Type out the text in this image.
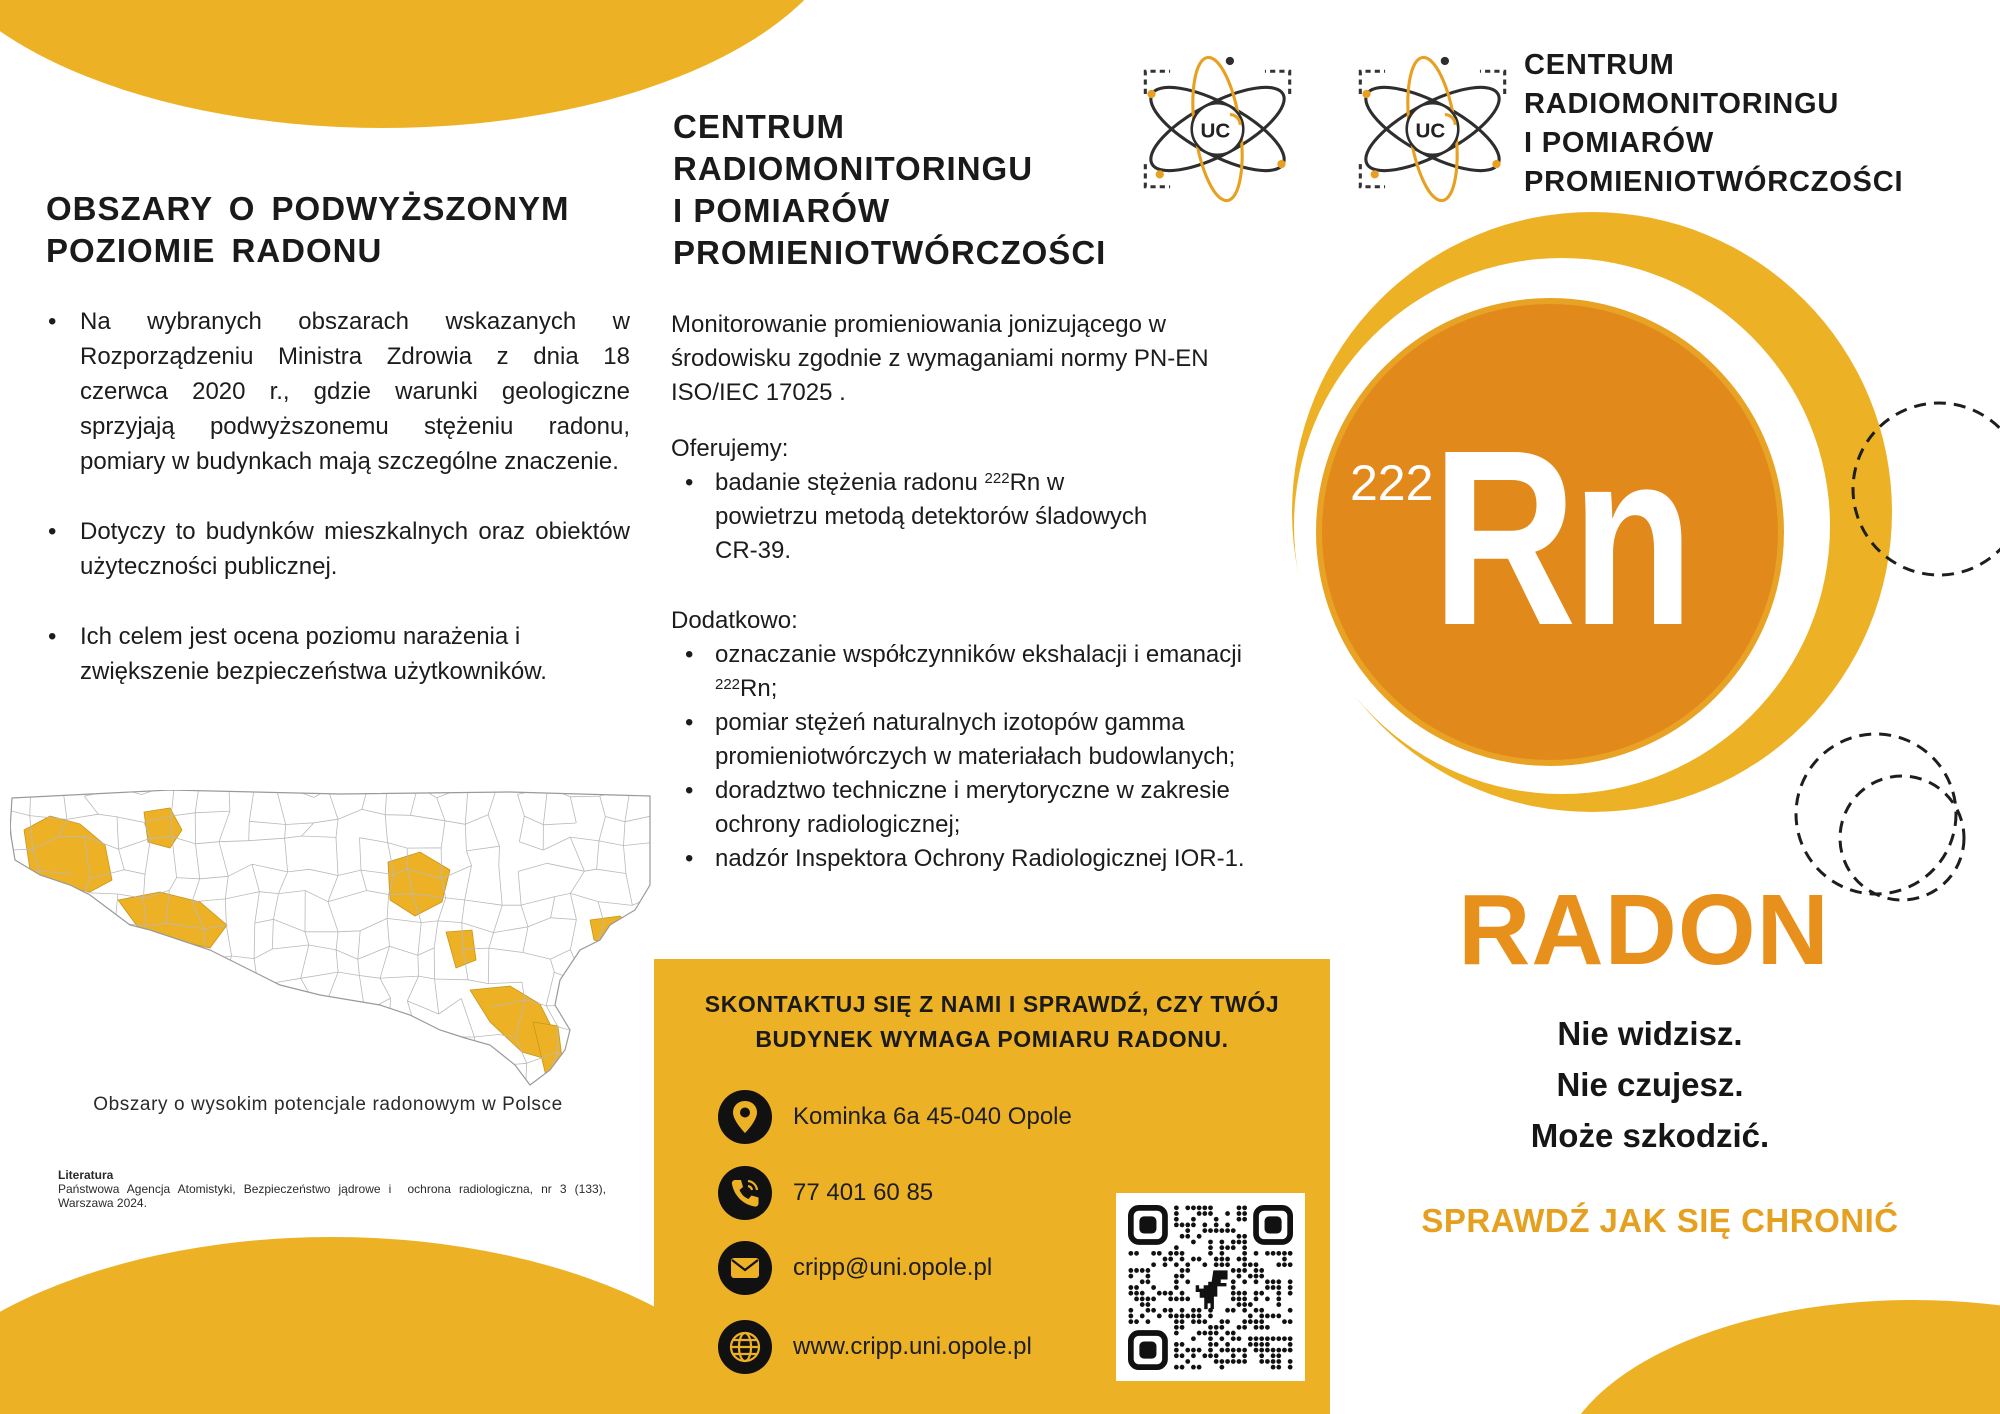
OBSZARY O PODWYŻSZONYM
POZIOMIE RADONU
• Na wybranych obszarach wskazanych w Rozporządzeniu Ministra Zdrowia z dnia 18 czerwca 2020 r., gdzie warunki geologiczne sprzyjają podwyższonemu stężeniu radonu, pomiary w budynkach mają szczególne znaczenie.
• Dotyczy to budynków mieszkalnych oraz obiektów użyteczności publicznej.
• Ich celem jest ocena poziomu narażenia i zwiększenie bezpieczeństwa użytkowników.
Obszary o wysokim potencjale radonowym w Polsce
Literatura
Państwowa Agencja Atomistyki, Bezpieczeństwo jądrowe i  ochrona radiologiczna, nr 3 (133), Warszawa 2024.
CENTRUM
RADIOMONITORINGU
I POMIARÓW
PROMIENIOTWÓRCZOŚCI
UC
Monitorowanie promieniowania jonizującego w środowisku zgodnie z wymaganiami normy PN-EN ISO/IEC 17025 .
Oferujemy:
• badanie stężenia radonu $^{222}$Rn w powietrzu metodą detektorów śladowych CR-39.
Dodatkowo:
• oznaczanie współczynników ekshalacji i emanacji $^{222}$Rn;
• pomiar stężeń naturalnych izotopów gamma promieniotwórczych w materiałach budowlanych;
• doradztwo techniczne i merytoryczne w zakresie ochrony radiologicznej;
• nadzór Inspektora Ochrony Radiologicznej IOR-1.
SKONTAKTUJ SIĘ Z NAMI I SPRAWDŹ, CZY TWÓJ
BUDYNEK WYMAGA POMIARU RADONU.
Kominka 6a 45-040 Opole
77 401 60 85
cripp@uni.opole.pl
www.cripp.uni.opole.pl
UC
CENTRUM
RADIOMONITORINGU
I POMIARÓW
PROMIENIOTWÓRCZOŚCI
222
Rn
RADON
Nie widzisz.
Nie czujesz.
Może szkodzić.
SPRAWDŹ JAK SIĘ CHRONIĆ
